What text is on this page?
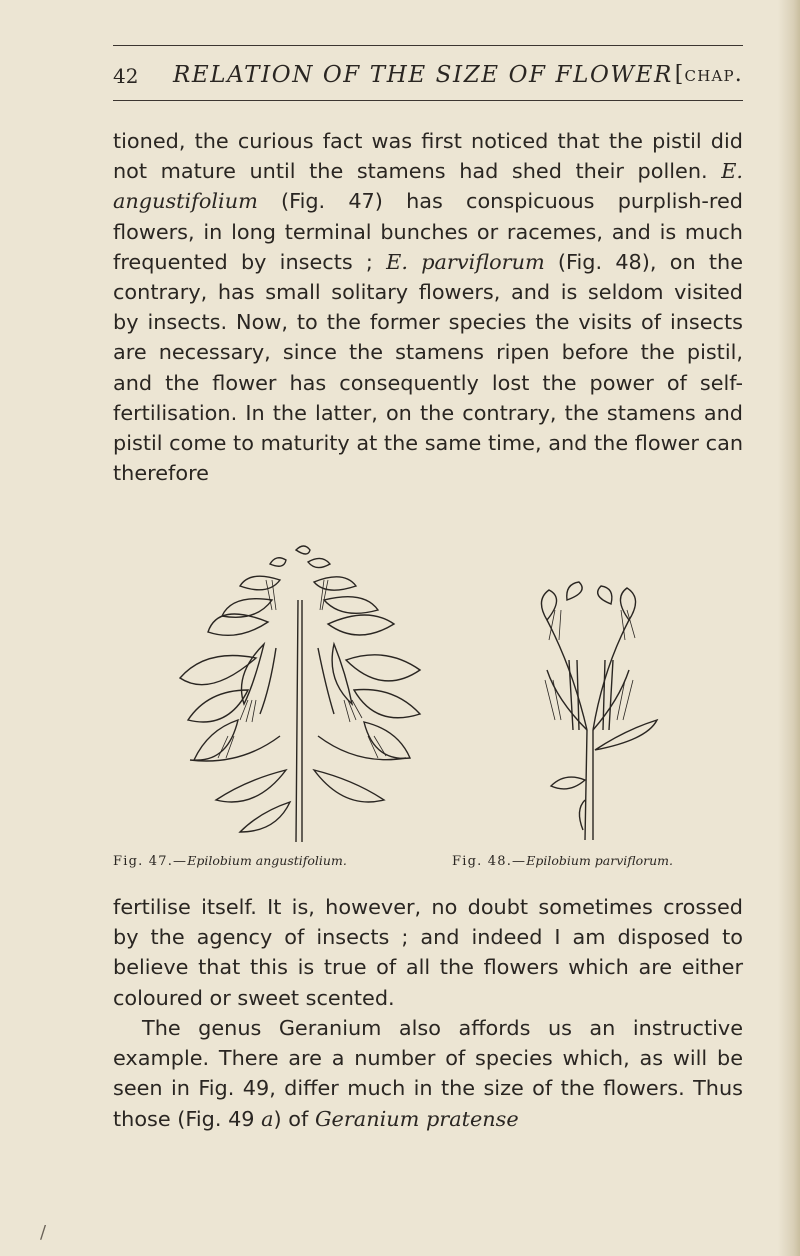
42 RELATION OF THE SIZE OF FLOWER [chap.

tioned, the curious fact was first noticed that the pistil did not mature until the stamens had shed their pollen. E. angustifolium (Fig. 47) has conspicuous purplish-red flowers, in long terminal bunches or racemes, and is much frequented by insects ; E. parviflorum (Fig. 48), on the contrary, has small solitary flowers, and is seldom visited by insects. Now, to the former species the visits of insects are necessary, since the stamens ripen before the pistil, and the flower has consequently lost the power of self-fertilisation. In the latter, on the contrary, the stamens and pistil come to maturity at the same time, and the flower can therefore

Fig. 47.—Epilobium angustifolium.	Fig. 48.—Epilobium parviflorum.

fertilise itself. It is, however, no doubt sometimes crossed by the agency of insects ; and indeed I am disposed to believe that this is true of all the flowers which are either coloured or sweet scented.

The genus Geranium also affords us an instructive example. There are a number of species which, as will be seen in Fig. 49, differ much in the size of the flowers. Thus those (Fig. 49 a) of Geranium pratense

/
